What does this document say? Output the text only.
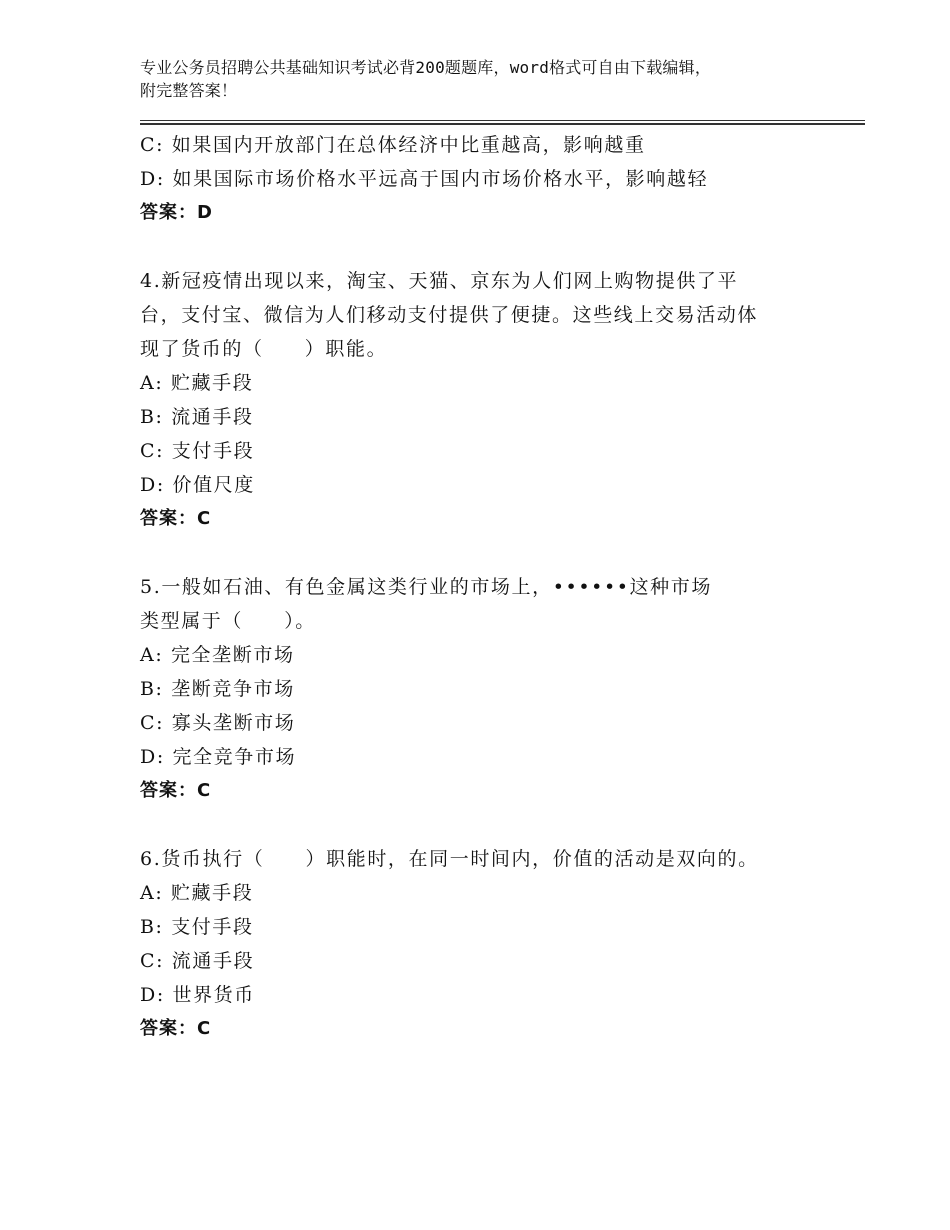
专业公务员招聘公共基础知识考试必背200题题库，word格式可自由下载编辑，
附完整答案！
C: 如果国内开放部门在总体经济中比重越高，影响越重
D: 如果国际市场价格水平远高于国内市场价格水平，影响越轻
答案：D
4.新冠疫情出现以来，淘宝、天猫、京东为人们网上购物提供了平
台，支付宝、微信为人们移动支付提供了便捷。这些线上交易活动体
现了货币的（　　）职能。
A: 贮藏手段
B: 流通手段
C: 支付手段
D: 价值尺度
答案：C
5.一般如石油、有色金属这类行业的市场上，••••••这种市场
类型属于（　　）。
A: 完全垄断市场
B: 垄断竞争市场
C: 寡头垄断市场
D: 完全竞争市场
答案：C
6.货币执行（　　）职能时，在同一时间内，价值的活动是双向的。
A: 贮藏手段
B: 支付手段
C: 流通手段
D: 世界货币
答案：C
